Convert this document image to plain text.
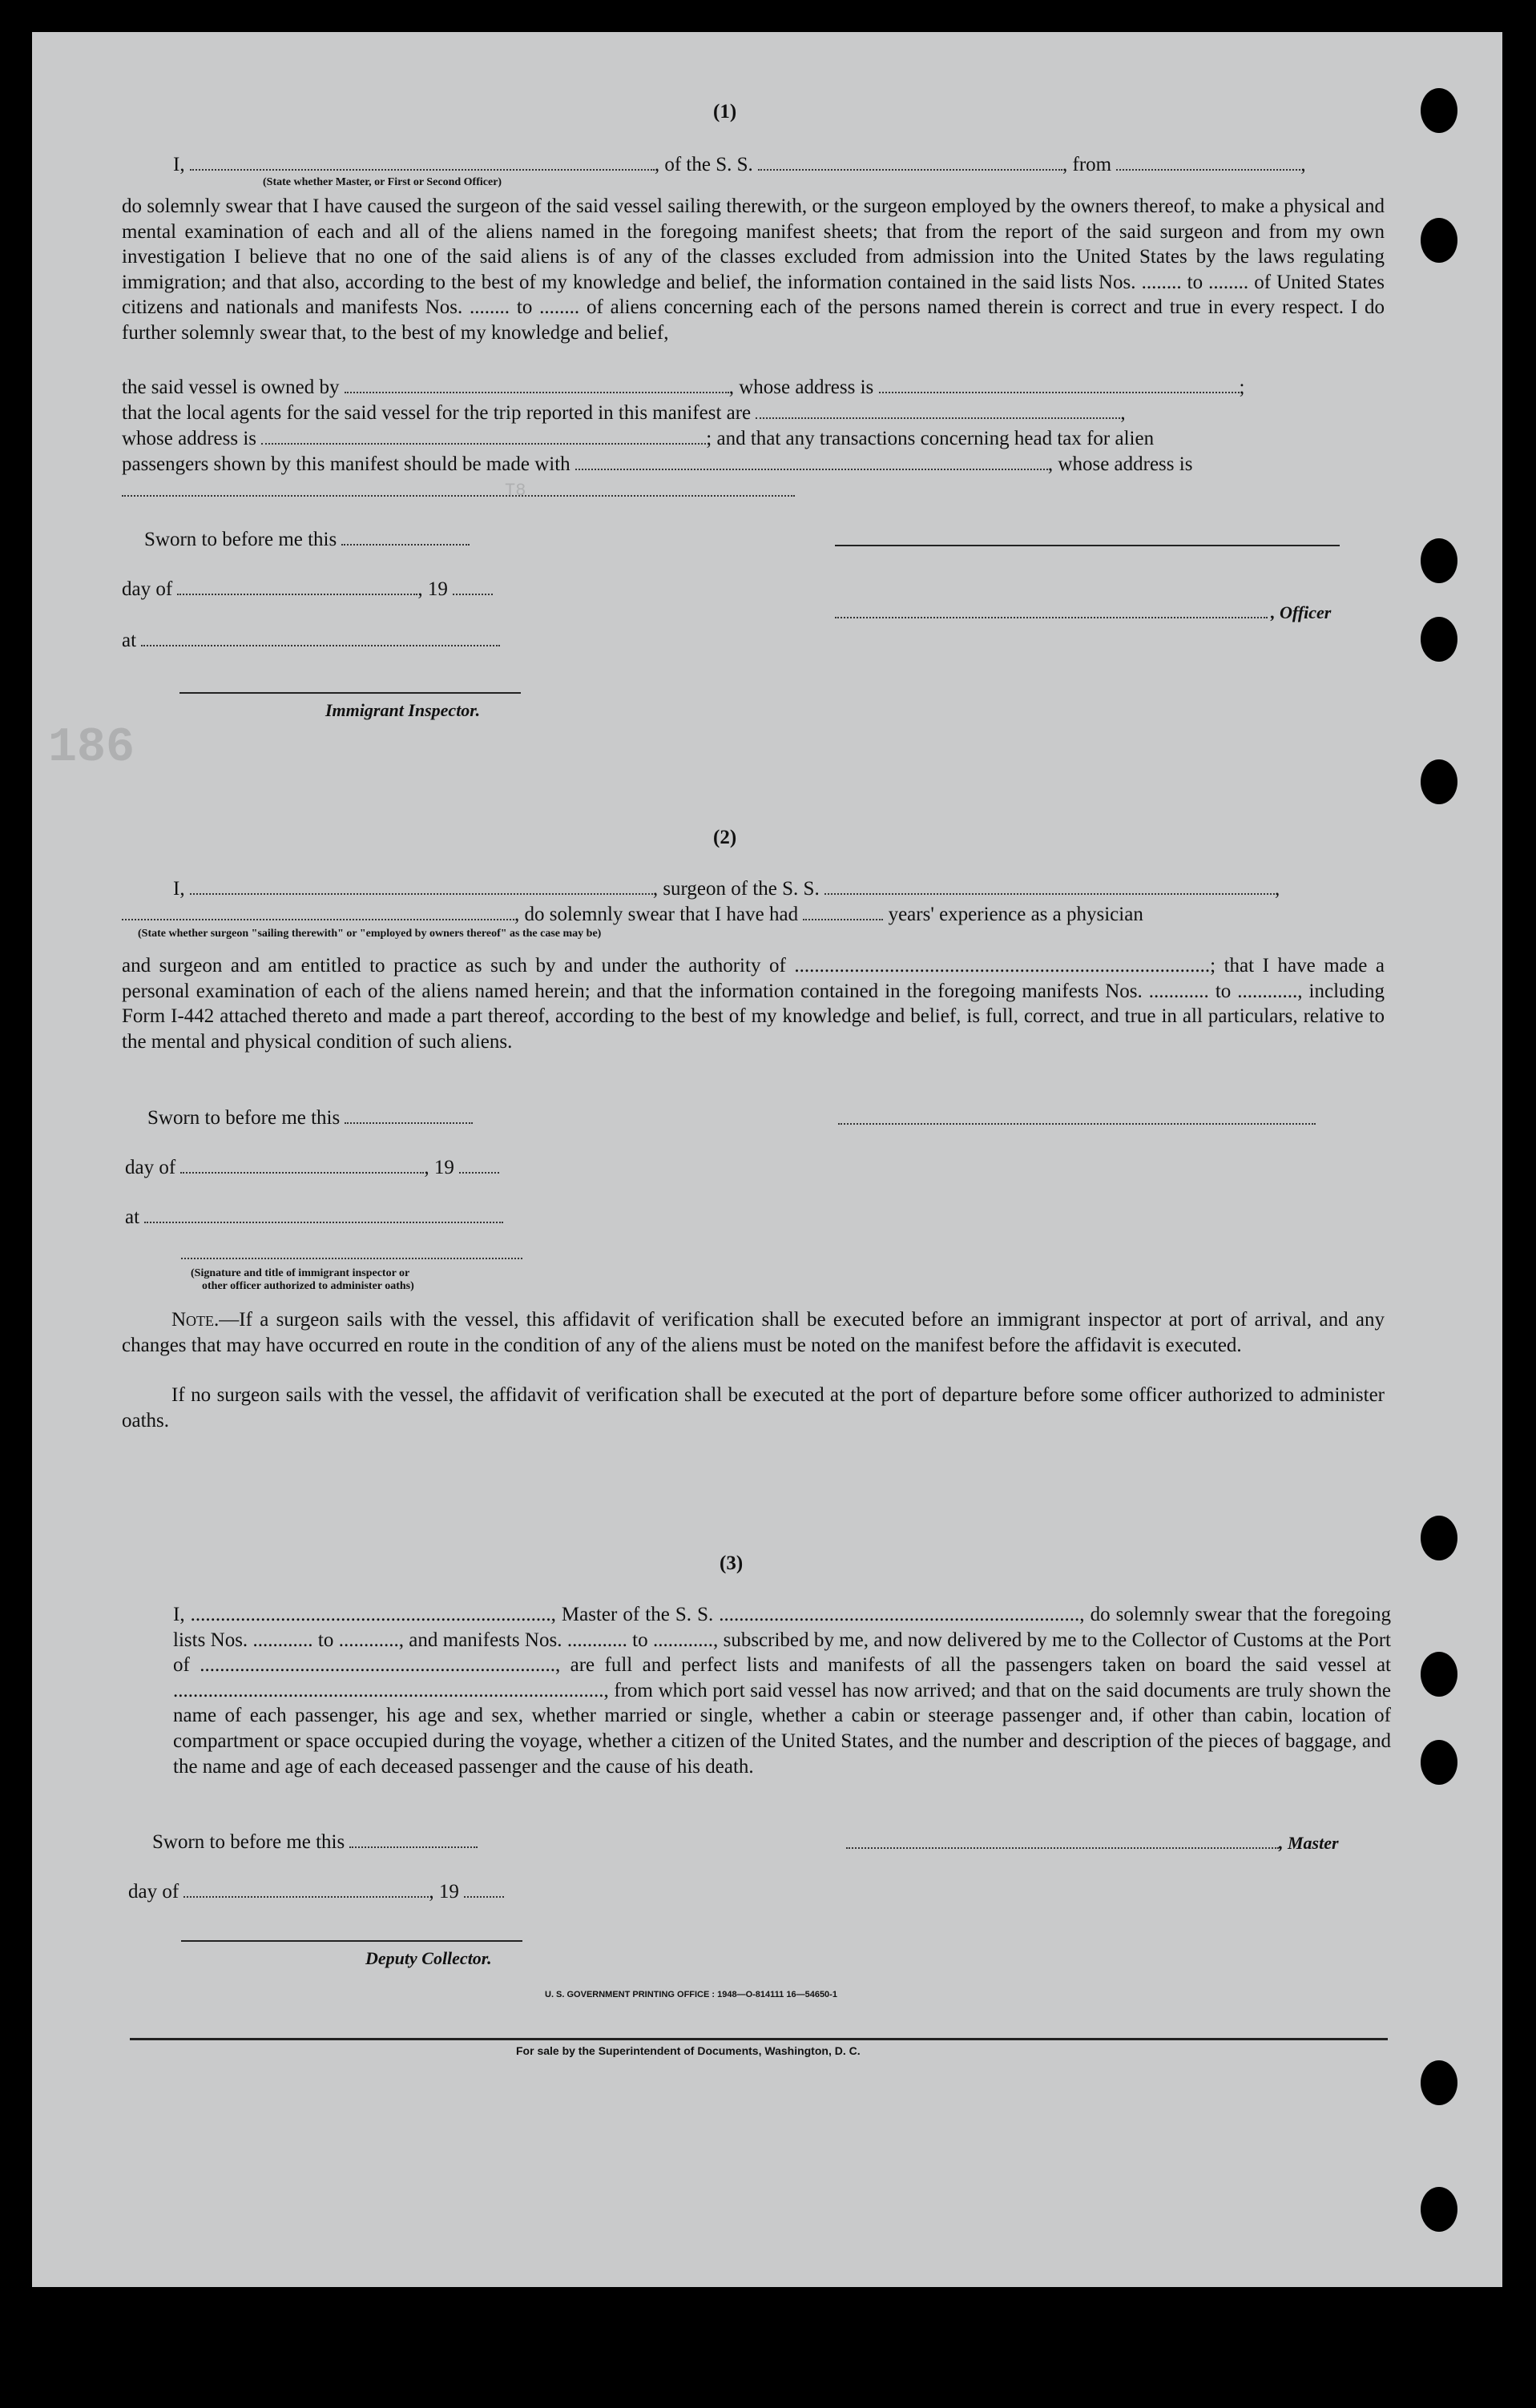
T8
186
(1)
I,	, of the S. S.	, from	,
(State whether Master, or First or Second Officer)
do solemnly swear that I have caused the surgeon of the said vessel sailing therewith, or the surgeon employed by the owners thereof, to make a physical and mental examination of each and all of the aliens named in the foregoing manifest sheets; that from the report of the said surgeon and from my own investigation I believe that no one of the said aliens is of any of the classes excluded from admission into the United States by the laws regulating immigration; and that also, according to the best of my knowledge and belief, the information contained in the said lists Nos. ........ to ........ of United States citizens and nationals and manifests Nos. ........ to ........ of aliens concerning each of the persons named therein is correct and true in every respect. I do further solemnly swear that, to the best of my knowledge and belief,
the said vessel is owned by	, whose address is	;
that the local agents for the said vessel for the trip reported in this manifest are	,
whose address is	; and that any transactions concerning head tax for alien
passengers shown by this manifest should be made with	, whose address is
Sworn to before me this
day of	, 19
, Officer
at
Immigrant Inspector.
(2)
I,	, surgeon of the S. S.	,
, do solemnly swear that I have had	years' experience as a physician
(State whether surgeon "sailing therewith" or "employed by owners thereof" as the case may be)
and surgeon and am entitled to practice as such by and under the authority of ...................................................................................; that I have made a personal examination of each of the aliens named herein; and that the information contained in the foregoing manifests Nos. ............ to ............, including Form I-442 attached thereto and made a part thereof, according to the best of my knowledge and belief, is full, correct, and true in all particulars, relative to the mental and physical condition of such aliens.
Sworn to before me this
day of	, 19
at
(Signature and title of immigrant inspector or
other officer authorized to administer oaths)
Note.—If a surgeon sails with the vessel, this affidavit of verification shall be executed before an immigrant inspector at port of arrival, and any changes that may have occurred en route in the condition of any of the aliens must be noted on the manifest before the affidavit is executed.
If no surgeon sails with the vessel, the affidavit of verification shall be executed at the port of departure before some officer authorized to administer oaths.
(3)
I, ........................................................................, Master of the S. S. ........................................................................, do solemnly swear that the foregoing lists Nos. ............ to ............, and manifests Nos. ............ to ............, subscribed by me, and now delivered by me to the Collector of Customs at the Port of ......................................................................., are full and perfect lists and manifests of all the passengers taken on board the said vessel at ......................................................................................, from which port said vessel has now arrived; and that on the said documents are truly shown the name of each passenger, his age and sex, whether married or single, whether a cabin or steerage passenger and, if other than cabin, location of compartment or space occupied during the voyage, whether a citizen of the United States, and the number and description of the pieces of baggage, and the name and age of each deceased passenger and the cause of his death.
Sworn to before me this	, Master
day of	, 19
Deputy Collector.
U. S. GOVERNMENT PRINTING OFFICE : 1948—O-814111 16—54650-1
For sale by the Superintendent of Documents, Washington, D. C.
